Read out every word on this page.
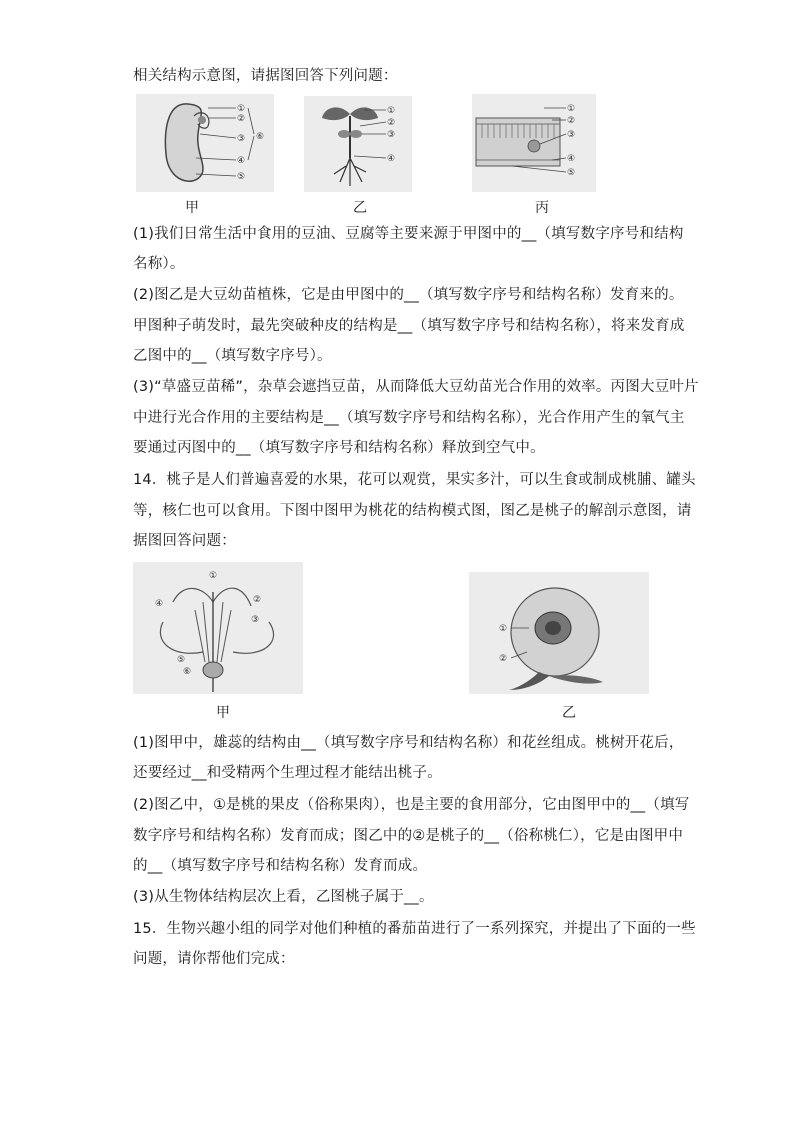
相关结构示意图，请据图回答下列问题：
①
②
③
④
⑤
⑥
甲
①
②
③
④
乙
①
②
③
④
⑤
丙
(1)我们日常生活中食用的豆油、豆腐等主要来源于甲图中的__（填写数字序号和结构
名称）。
(2)图乙是大豆幼苗植株，它是由甲图中的__（填写数字序号和结构名称）发育来的。
甲图种子萌发时，最先突破种皮的结构是__（填写数字序号和结构名称），将来发育成
乙图中的__（填写数字序号）。
(3)“草盛豆苗稀”，杂草会遮挡豆苗，从而降低大豆幼苗光合作用的效率。丙图大豆叶片
中进行光合作用的主要结构是__（填写数字序号和结构名称），光合作用产生的氧气主
要通过丙图中的__（填写数字序号和结构名称）释放到空气中。
14．桃子是人们普遍喜爱的水果，花可以观赏，果实多汁，可以生食或制成桃脯、罐头
等，核仁也可以食用。下图中图甲为桃花的结构模式图，图乙是桃子的解剖示意图，请
据图回答问题：
①
②
③
④
⑤
⑥
甲
①
②
乙
(1)图甲中，雄蕊的结构由__（填写数字序号和结构名称）和花丝组成。桃树开花后，
还要经过__和受精两个生理过程才能结出桃子。
(2)图乙中，①是桃的果皮（俗称果肉），也是主要的食用部分，它由图甲中的__（填写
数字序号和结构名称）发育而成；图乙中的②是桃子的__（俗称桃仁），它是由图甲中
的__（填写数字序号和结构名称）发育而成。
(3)从生物体结构层次上看，乙图桃子属于__。
15．生物兴趣小组的同学对他们种植的番茄苗进行了一系列探究，并提出了下面的一些
问题，请你帮他们完成：
